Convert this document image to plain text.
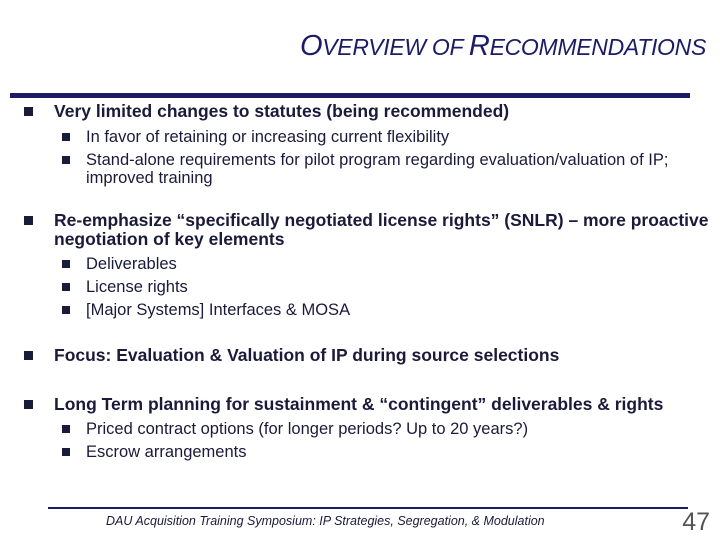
OVERVIEW OF RECOMMENDATIONS
Very limited changes to statutes (being recommended)
In favor of retaining or increasing current flexibility
Stand-alone requirements for pilot program regarding evaluation/valuation of IP; improved training
Re-emphasize “specifically negotiated license rights” (SNLR) – more proactive negotiation of key elements
Deliverables
License rights
[Major Systems] Interfaces & MOSA
Focus: Evaluation & Valuation of IP during source selections
Long Term planning for sustainment & “contingent” deliverables & rights
Priced contract options (for longer periods? Up to 20 years?)
Escrow arrangements
DAU Acquisition Training Symposium: IP Strategies, Segregation, & Modulation	47
